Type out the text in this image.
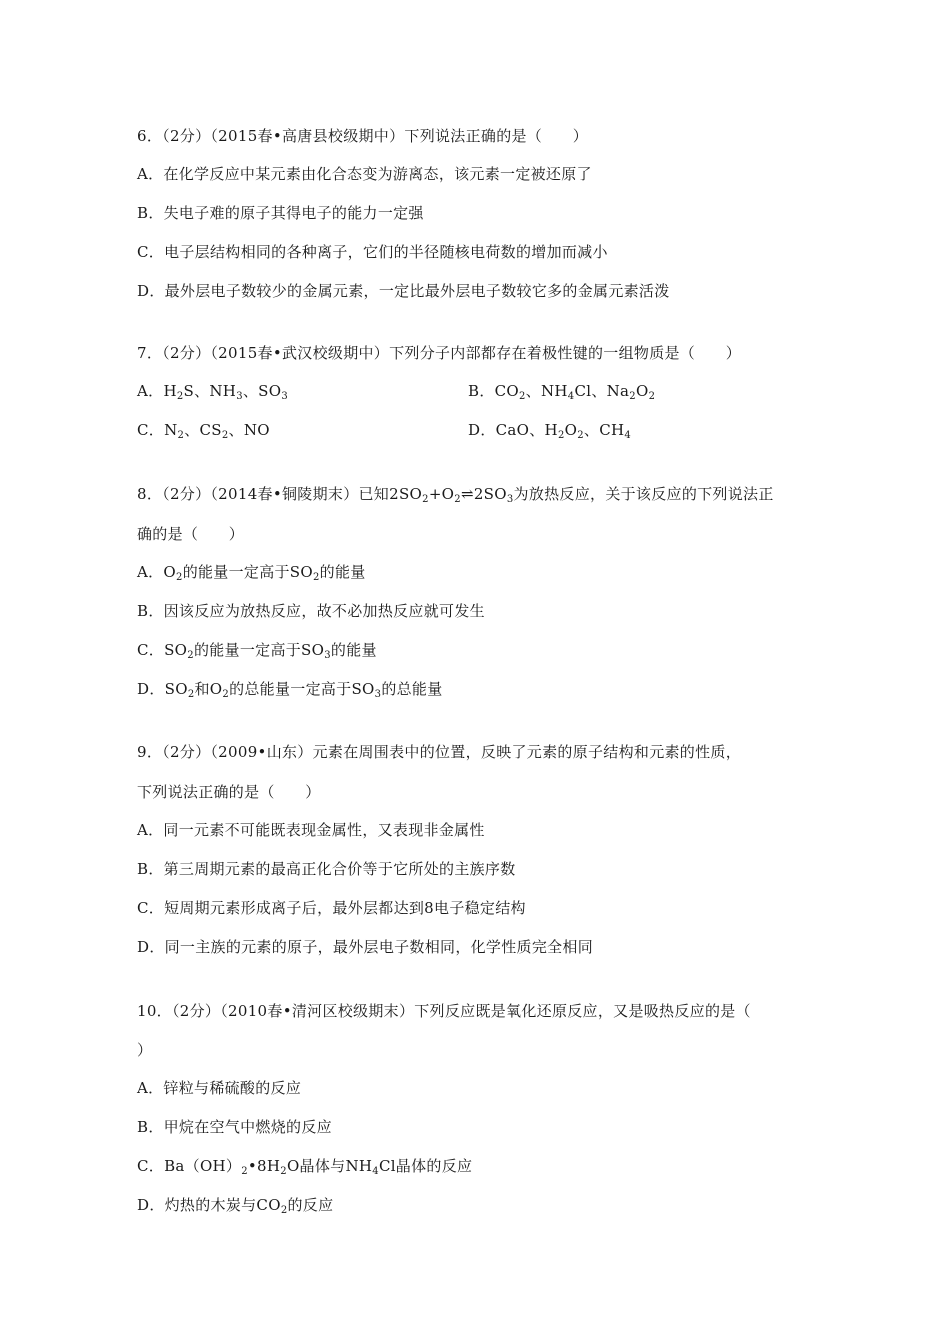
6．（2分）（2015春•高唐县校级期中）下列说法正确的是（　　）
A．在化学反应中某元素由化合态变为游离态，该元素一定被还原了
B．失电子难的原子其得电子的能力一定强
C．电子层结构相同的各种离子，它们的半径随核电荷数的增加而减小
D．最外层电子数较少的金属元素，一定比最外层电子数较它多的金属元素活泼
7．（2分）（2015春•武汉校级期中）下列分子内部都存在着极性键的一组物质是（　　）
A．$H_2S$、$NH_3$、$SO_3$	B．$CO_2$、$NH_4Cl$、$Na_2O_2$
C．$N_2$、$CS_2$、NO	D．CaO、$H_2O_2$、$CH_4$
8．（2分）（2014春•铜陵期末）已知$2SO_2+O_2\rightleftharpoons 2SO_3$为放热反应，关于该反应的下列说法正
确的是（　　）
A．$O_2$的能量一定高于$SO_2$的能量
B．因该反应为放热反应，故不必加热反应就可发生
C．$SO_2$的能量一定高于$SO_3$的能量
D．$SO_2$和$O_2$的总能量一定高于$SO_3$的总能量
9．（2分）（2009•山东）元素在周围表中的位置，反映了元素的原子结构和元素的性质，
下列说法正确的是（　　）
A．同一元素不可能既表现金属性，又表现非金属性
B．第三周期元素的最高正化合价等于它所处的主族序数
C．短周期元素形成离子后，最外层都达到8电子稳定结构
D．同一主族的元素的原子，最外层电子数相同，化学性质完全相同
10．（2分）（2010春•清河区校级期末）下列反应既是氧化还原反应，又是吸热反应的是（
）
A．锌粒与稀硫酸的反应
B．甲烷在空气中燃烧的反应
C．$Ba(OH)_2•8H_2O$晶体与$NH_4Cl$晶体的反应
D．灼热的木炭与$CO_2$的反应
